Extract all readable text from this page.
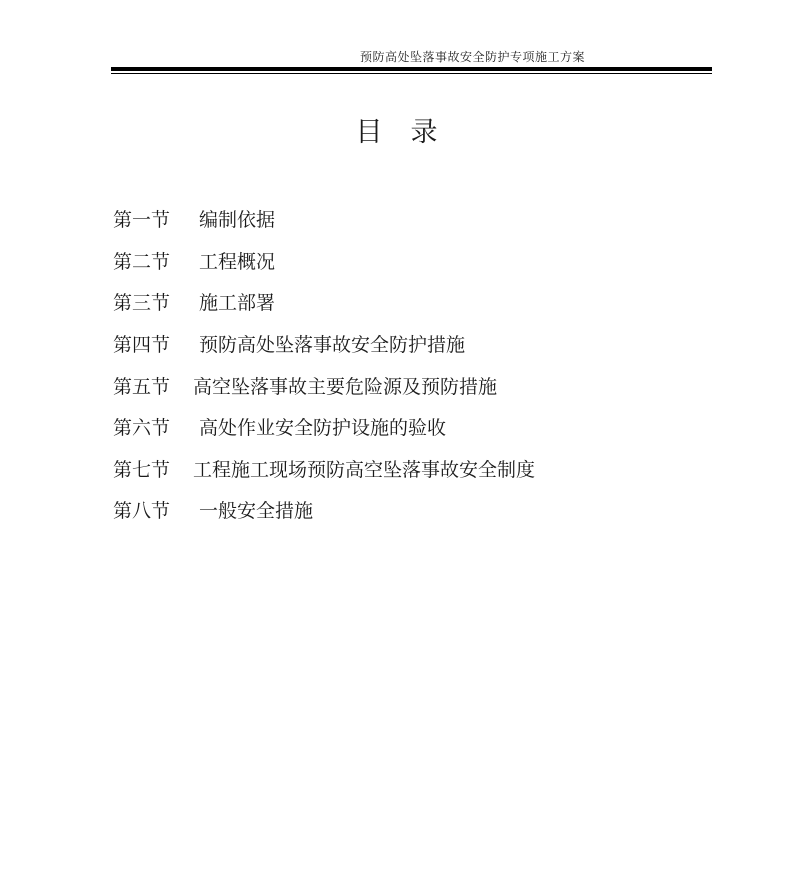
预防高处坠落事故安全防护专项施工方案
目录
第一节	编制依据
第二节	工程概况
第三节	施工部署
第四节	预防高处坠落事故安全防护措施
第五节	高空坠落事故主要危险源及预防措施
第六节	高处作业安全防护设施的验收
第七节	工程施工现场预防高空坠落事故安全制度
第八节	一般安全措施
